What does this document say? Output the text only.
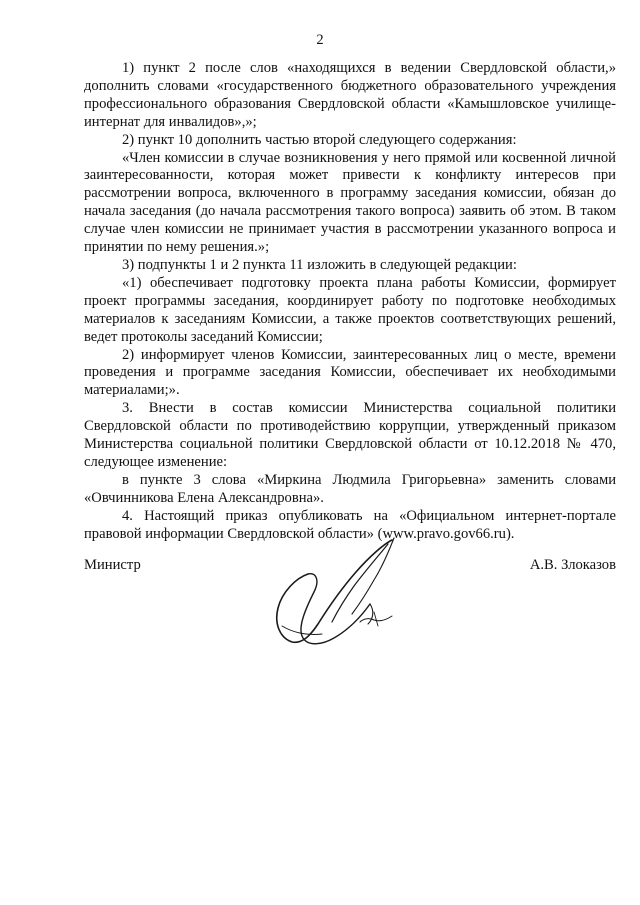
2

1) пункт 2 после слов «находящихся в ведении Свердловской области,» дополнить словами «государственного бюджетного образовательного учреждения профессионального образования Свердловской области «Камышловское училище-интернат для инвалидов»,»;

2) пункт 10 дополнить частью второй следующего содержания:

«Член комиссии в случае возникновения у него прямой или косвенной личной заинтересованности, которая может привести к конфликту интересов при рассмотрении вопроса, включенного в программу заседания комиссии, обязан до начала заседания (до начала рассмотрения такого вопроса) заявить об этом. В таком случае член комиссии не принимает участия в рассмотрении указанного вопроса и принятии по нему решения.»;

3) подпункты 1 и 2 пункта 11 изложить в следующей редакции:

«1) обеспечивает подготовку проекта плана работы Комиссии, формирует проект программы заседания, координирует работу по подготовке необходимых материалов к заседаниям Комиссии, а также проектов соответствующих решений, ведет протоколы заседаний Комиссии;

2) информирует членов Комиссии, заинтересованных лиц о месте, времени проведения и программе заседания Комиссии, обеспечивает их необходимыми материалами;».

3. Внести в состав комиссии Министерства социальной политики Свердловской области по противодействию коррупции, утвержденный приказом Министерства социальной политики Свердловской области от 10.12.2018 № 470, следующее изменение:

в пункте 3 слова «Миркина Людмила Григорьевна» заменить словами «Овчинникова Елена Александровна».

4. Настоящий приказ опубликовать на «Официальном интернет-портале правовой информации Свердловской области» (www.pravo.gov66.ru).

Министр	А.В. Злоказов
